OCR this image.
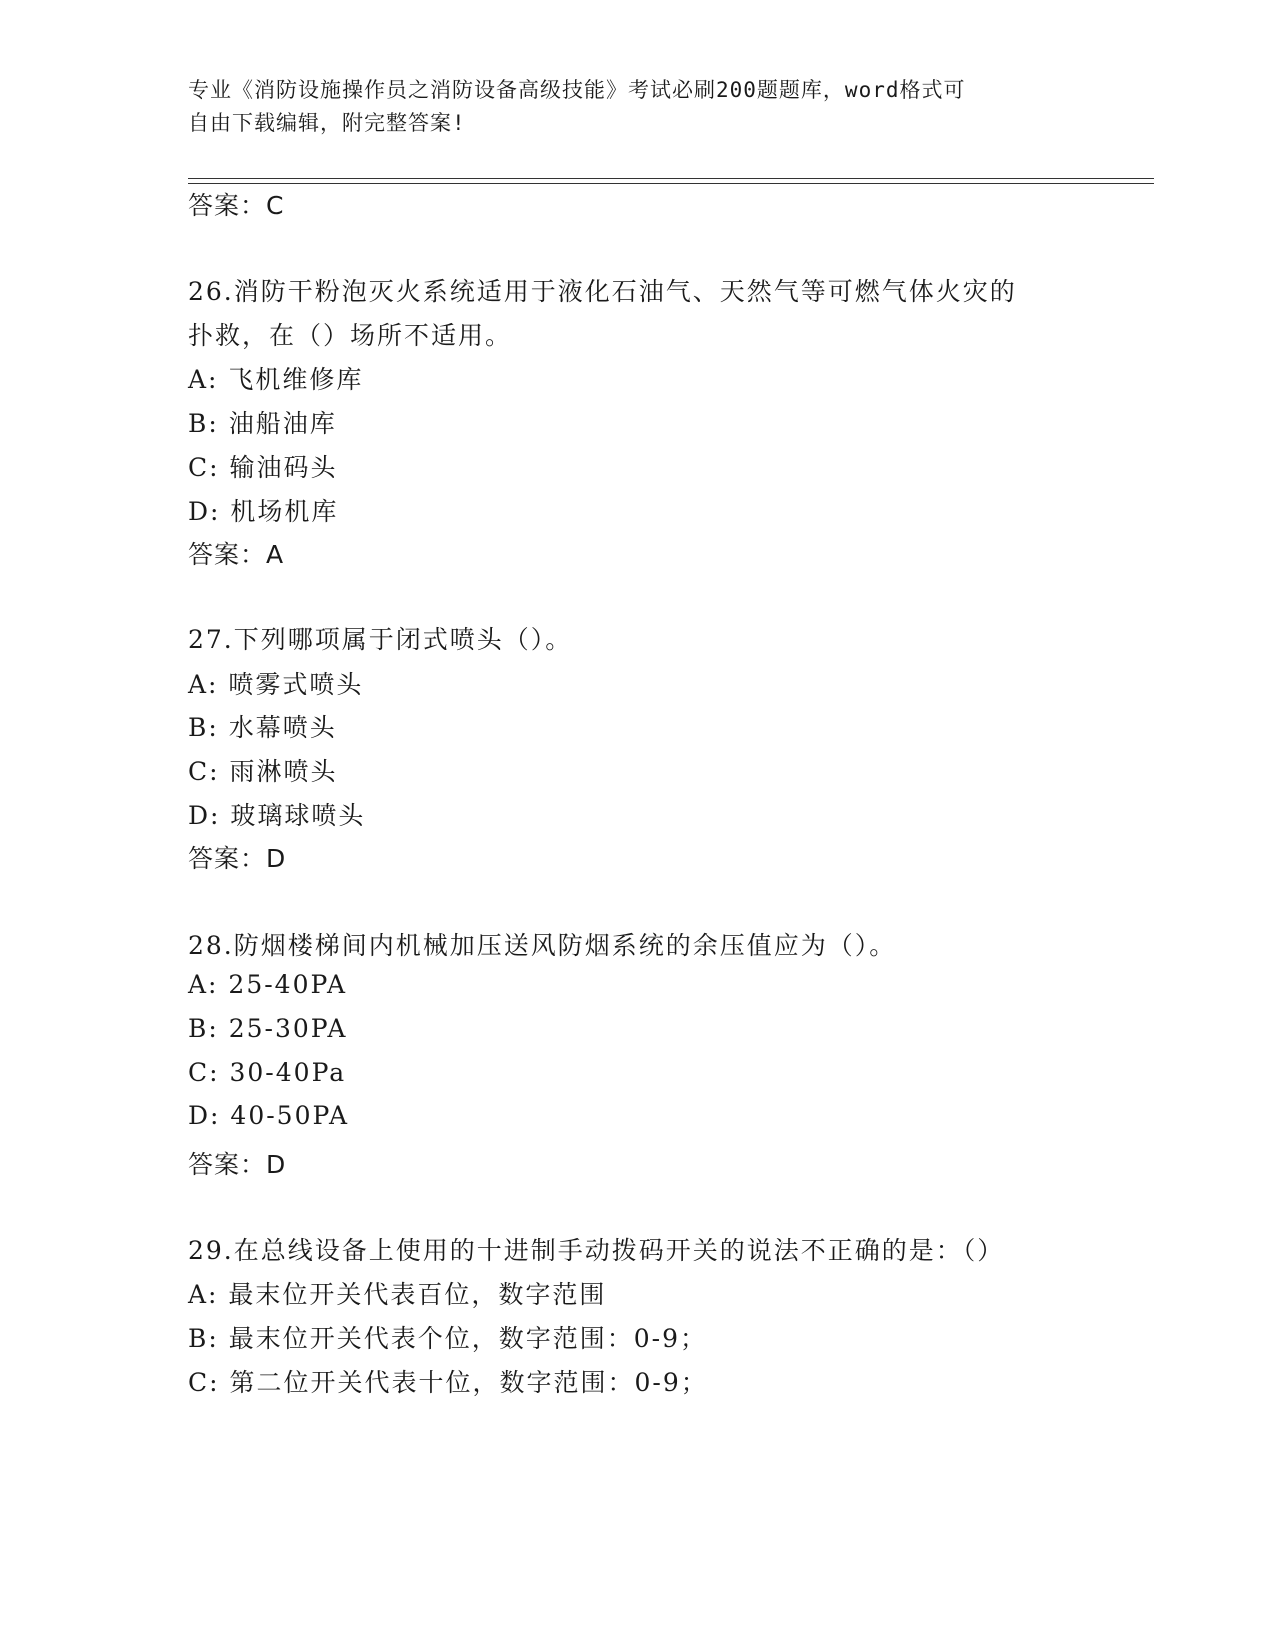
专业《消防设施操作员之消防设备高级技能》考试必刷200题题库，word格式可
自由下载编辑，附完整答案!
答案：C
26.消防干粉泡灭火系统适用于液化石油气、天然气等可燃气体火灾的
扑救，在（）场所不适用。
A: 飞机维修库
B: 油船油库
C: 输油码头
D: 机场机库
答案：A
27.下列哪项属于闭式喷头（）。
A: 喷雾式喷头
B: 水幕喷头
C: 雨淋喷头
D: 玻璃球喷头
答案：D
28.防烟楼梯间内机械加压送风防烟系统的余压值应为（）。
A: 25-40PA
B: 25-30PA
C: 30-40Pa
D: 40-50PA
答案：D
29.在总线设备上使用的十进制手动拨码开关的说法不正确的是：（）
A: 最末位开关代表百位，数字范围
B: 最末位开关代表个位，数字范围：0-9；
C: 第二位开关代表十位，数字范围：0-9；
